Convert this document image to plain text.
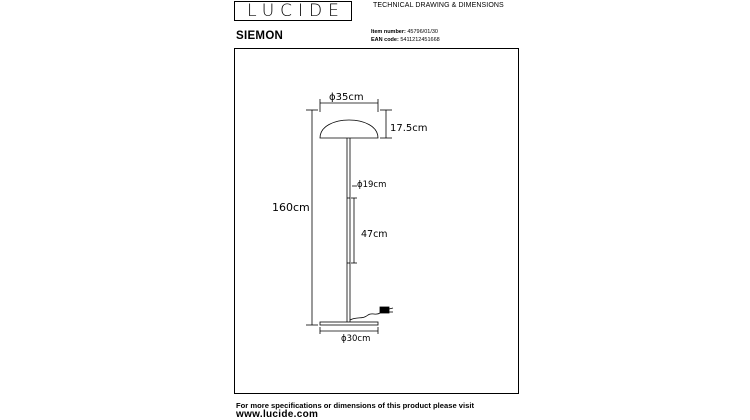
LUCIDE	TECHNICAL DRAWING & DIMENSIONS
SIEMON	Item number: 45796/01/30
EAN code: 5411212451668
ϕ35cm
17.5cm
160cm
ϕ19cm
47cm
ϕ30cm
For more specifications or dimensions of this product please visit
www.lucide.com
